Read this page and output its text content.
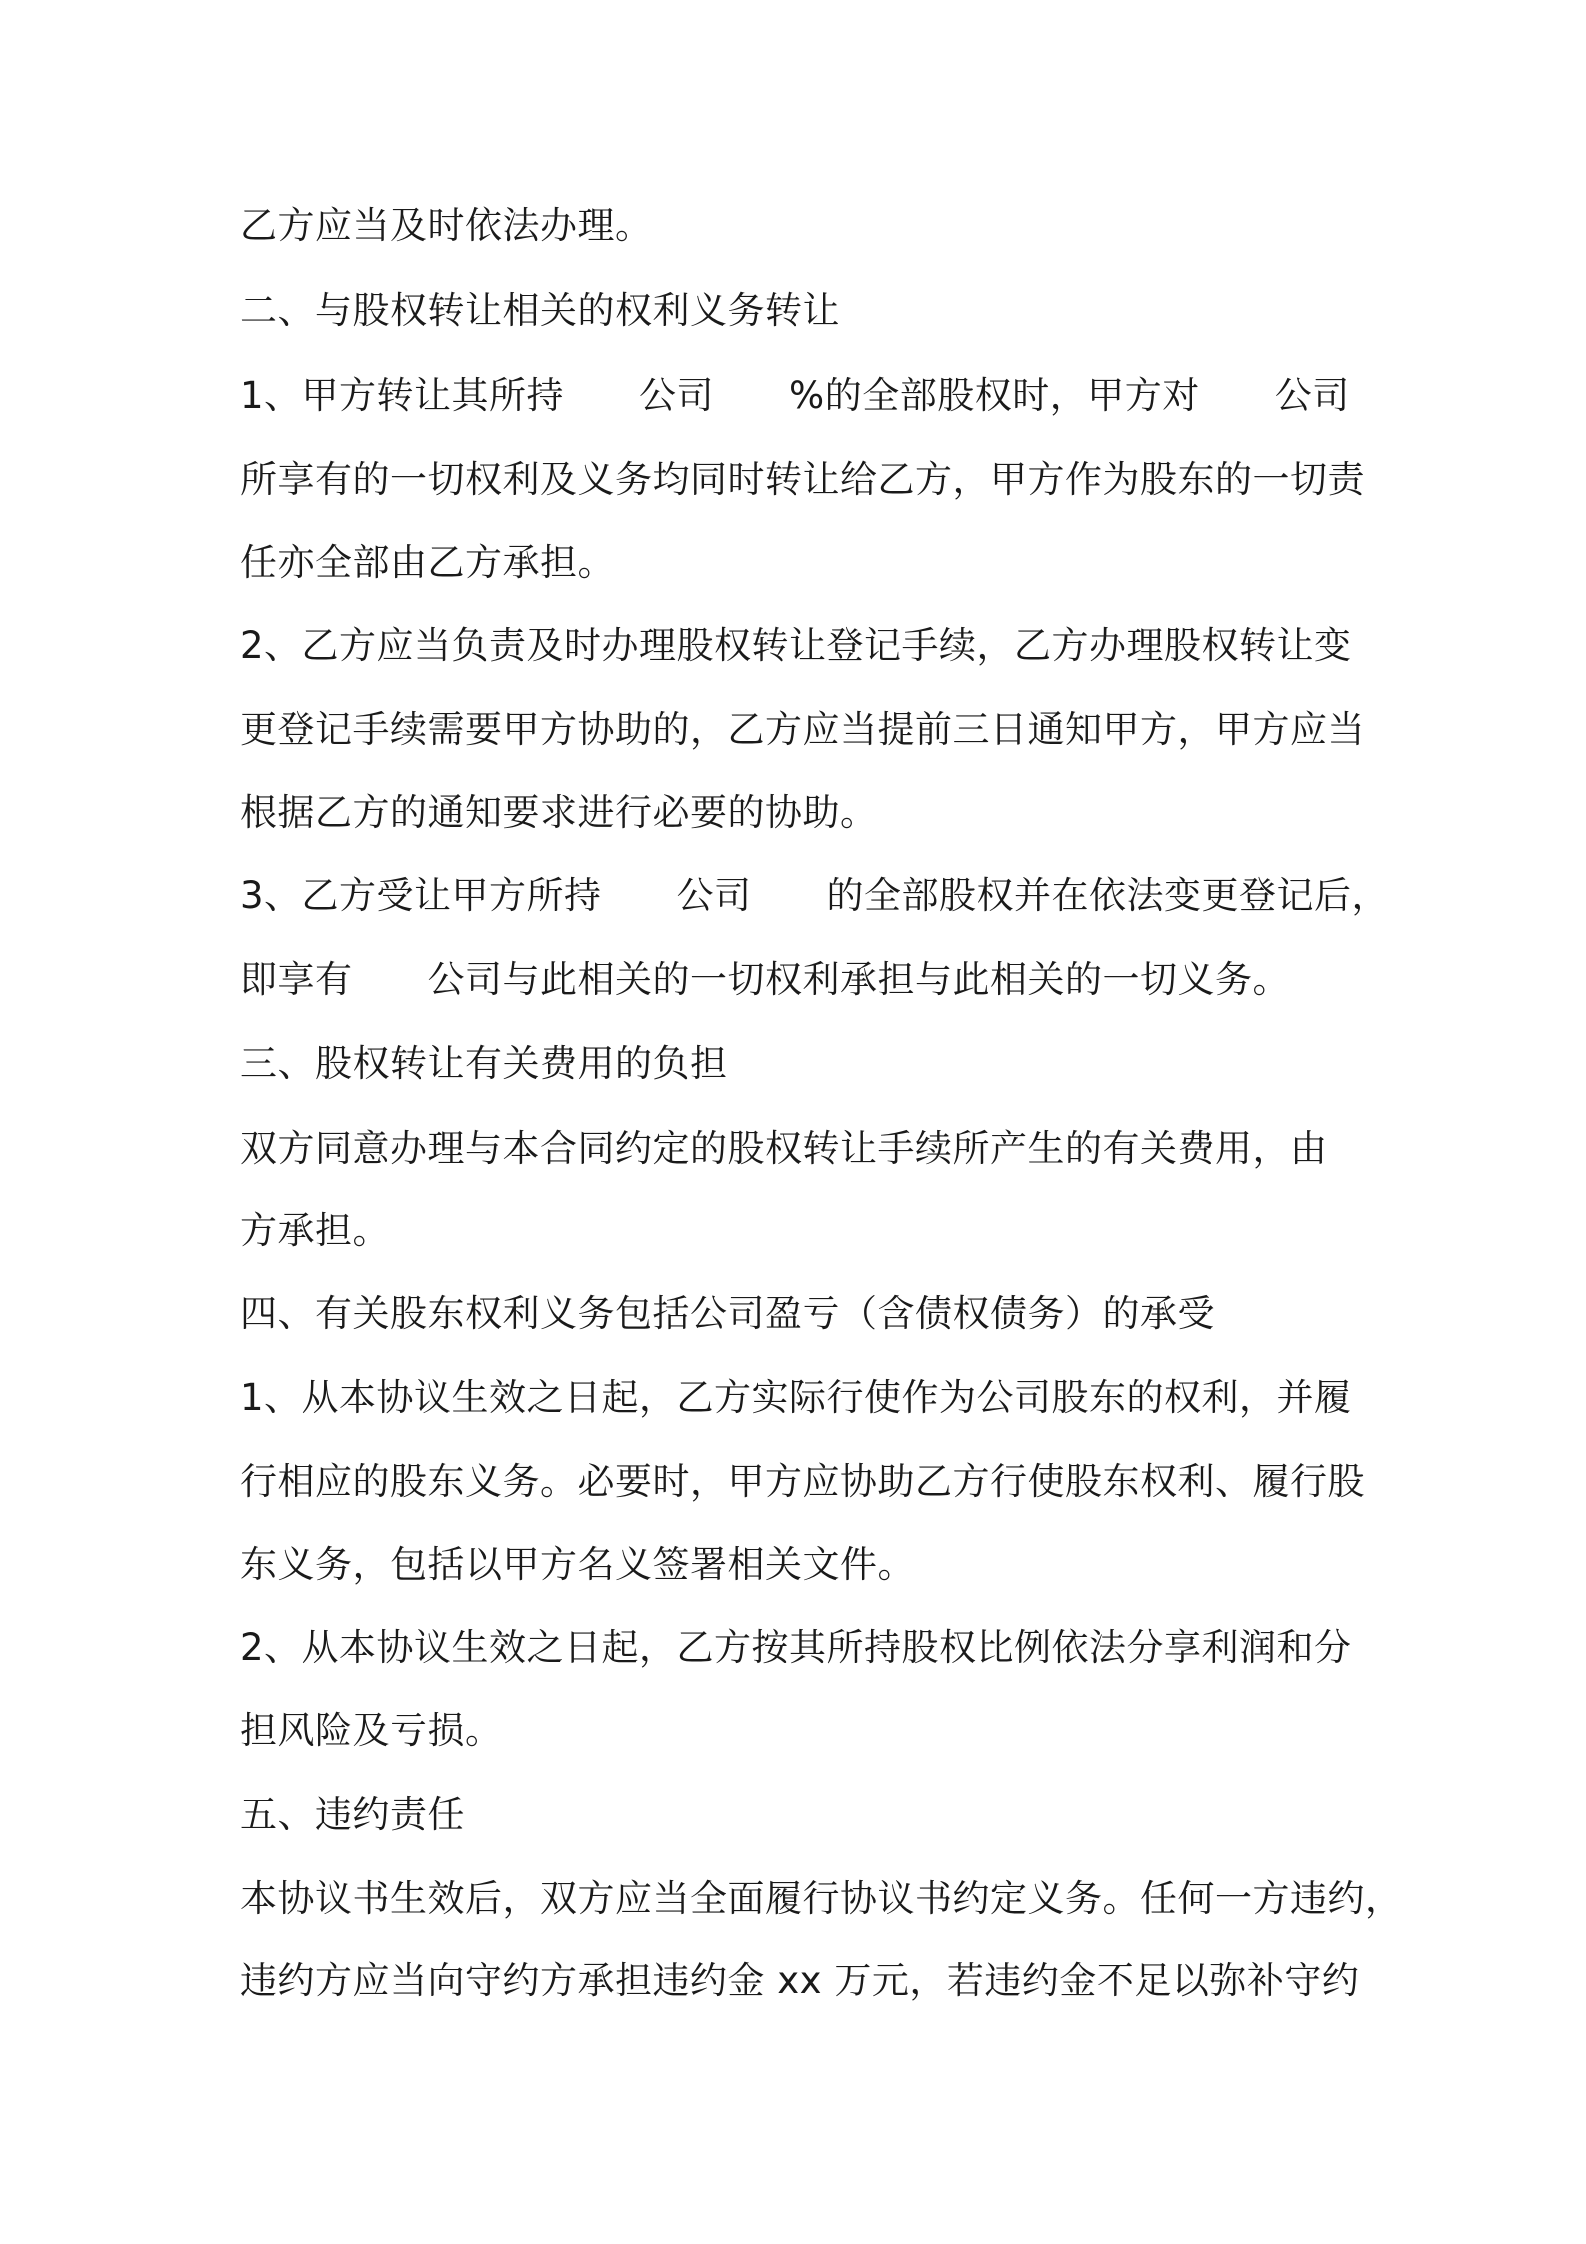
乙方应当及时依法办理。
二、与股权转让相关的权利义务转让
1、甲方转让其所持　　公司　　%的全部股权时，甲方对　　公司
所享有的一切权利及义务均同时转让给乙方，甲方作为股东的一切责
任亦全部由乙方承担。
2、乙方应当负责及时办理股权转让登记手续，乙方办理股权转让变
更登记手续需要甲方协助的，乙方应当提前三日通知甲方，甲方应当
根据乙方的通知要求进行必要的协助。
3、乙方受让甲方所持　　公司　　的全部股权并在依法变更登记后，
即享有　　公司与此相关的一切权利承担与此相关的一切义务。
三、股权转让有关费用的负担
双方同意办理与本合同约定的股权转让手续所产生的有关费用，由
方承担。
四、有关股东权利义务包括公司盈亏（含债权债务）的承受
1、从本协议生效之日起，乙方实际行使作为公司股东的权利，并履
行相应的股东义务。必要时，甲方应协助乙方行使股东权利、履行股
东义务，包括以甲方名义签署相关文件。
2、从本协议生效之日起，乙方按其所持股权比例依法分享利润和分
担风险及亏损。
五、违约责任
本协议书生效后，双方应当全面履行协议书约定义务。任何一方违约，
违约方应当向守约方承担违约金 xx 万元，若违约金不足以弥补守约
